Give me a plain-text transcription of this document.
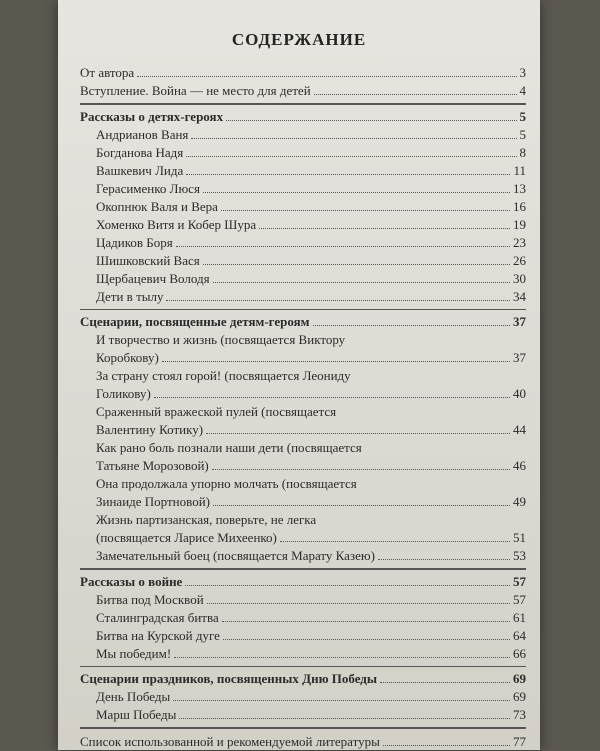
СОДЕРЖАНИЕ
От автора	3
Вступление. Война — не место для детей	4
Рассказы о детях-героях	5
Андрианов Ваня	5
Богданова Надя	8
Вашкевич Лида	11
Герасименко Люся	13
Окопнюк Валя и Вера	16
Хоменко Витя и Кобер Шура	19
Цадиков Боря	23
Шишковский Вася	26
Щербацевич Володя	30
Дети в тылу	34
Сценарии, посвященные детям-героям	37
И творчество и жизнь (посвящается Виктору
Коробкову)	37
За страну стоял горой! (посвящается Леониду
Голикову)	40
Сраженный вражеской пулей (посвящается
Валентину Котику)	44
Как рано боль познали наши дети (посвящается
Татьяне Морозовой)	46
Она продолжала упорно молчать (посвящается
Зинаиде Портновой)	49
Жизнь партизанская, поверьте, не легка
(посвящается Ларисе Михеенко)	51
Замечательный боец (посвящается Марату Казею)	53
Рассказы о войне	57
Битва под Москвой	57
Сталинградская битва	61
Битва на Курской дуге	64
Мы победим!	66
Сценарии праздников, посвященных Дню Победы	69
День Победы	69
Марш Победы	73
Список использованной и рекомендуемой литературы	77
